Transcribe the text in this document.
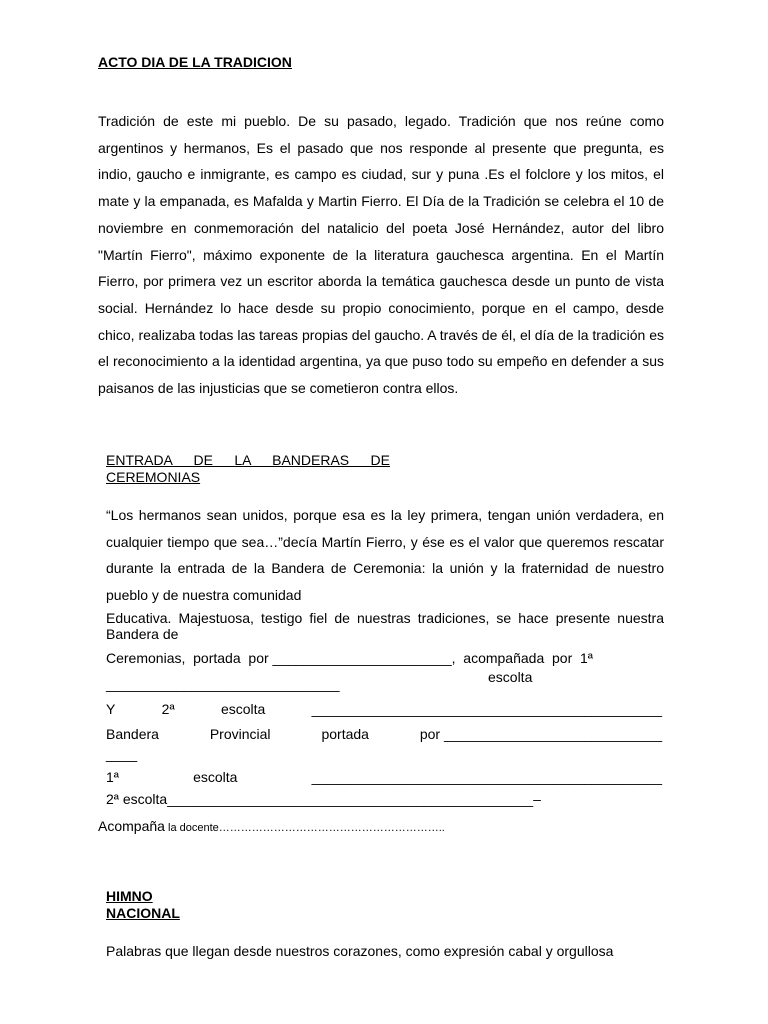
ACTO DIA DE LA TRADICION
Tradición de este mi pueblo. De su pasado, legado. Tradición que nos reúne como argentinos y hermanos, Es el pasado que nos responde al presente que pregunta, es indio, gaucho e inmigrante, es campo es ciudad, sur y puna .Es el folclore y los mitos, el mate y la empanada, es Mafalda y Martin Fierro. El Día de la Tradición se celebra el 10 de noviembre en conmemoración del natalicio del poeta José Hernández, autor del libro "Martín Fierro", máximo exponente de la literatura gauchesca argentina. En el Martín Fierro, por primera vez un escritor aborda la temática gauchesca desde un punto de vista social. Hernández lo hace desde su propio conocimiento, porque en el campo, desde chico, realizaba todas las tareas propias del gaucho. A través de él, el día de la tradición es el reconocimiento a la identidad argentina, ya que puso todo su empeño en defender a sus paisanos de las injusticias que se cometieron contra ellos.
ENTRADA DE LA BANDERAS DE CEREMONIAS
“Los hermanos sean unidos, porque esa es la ley primera, tengan unión verdadera, en cualquier tiempo que sea…”decía Martín Fierro, y ése es el valor que queremos rescatar durante la entrada de la Bandera de Ceremonia: la unión y la fraternidad de nuestro pueblo y de nuestra comunidad
Educativa. Majestuosa, testigo fiel de nuestras tradiciones, se hace presente nuestra Bandera de
Ceremonias,  portada  por _______________________,  acompañada  por  1ª
______________________________	escolta
Y	2ª	escolta	_____________________________________________
Bandera	Provincial	portada	por ____________________________
____
1ª	escolta	_____________________________________________
2ª escolta_______________________________________________–
Acompaña la docente……………………………………………………..
HIMNO
NACIONAL
Palabras que llegan desde nuestros corazones, como expresión cabal y orgullosa
